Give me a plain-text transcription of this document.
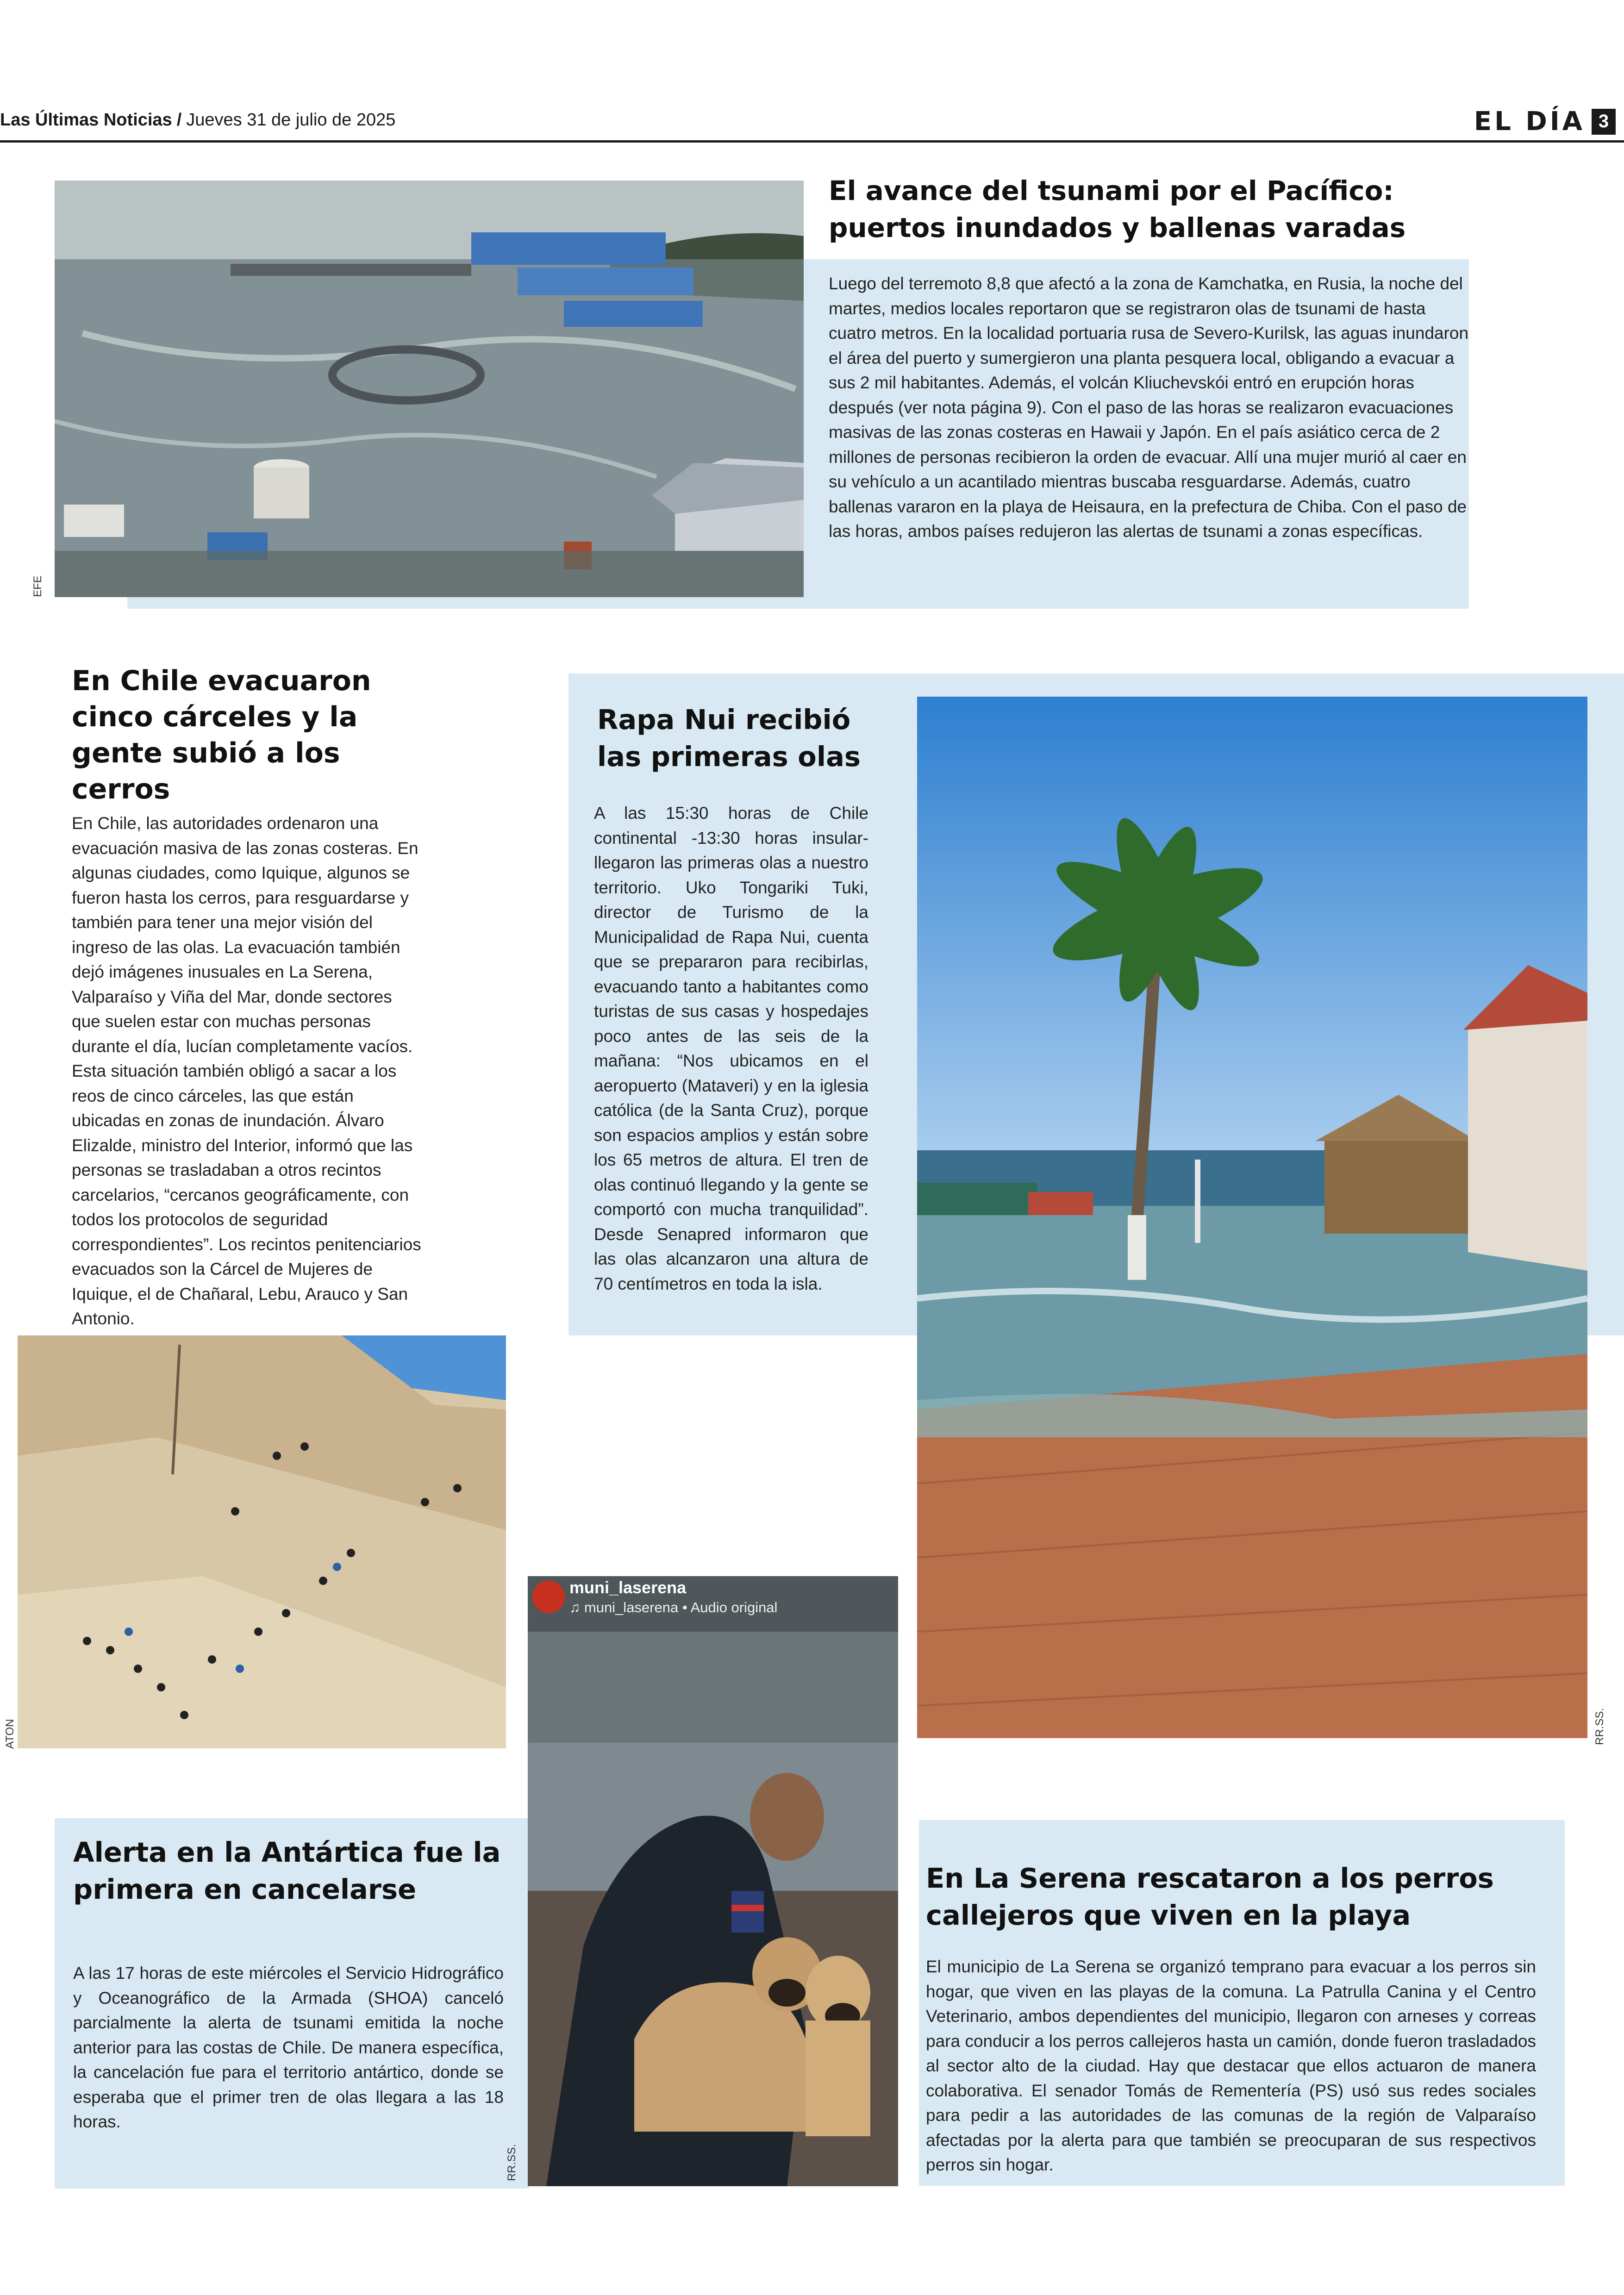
Las Últimas Noticias / Jueves 31 de julio de 2025	EL DÍA 3
EFE
El avance del tsunami por el Pacífico: puertos inundados y ballenas varadas
Luego del terremoto 8,8 que afectó a la zona de Kamchatka, en Rusia, la noche del martes, medios locales reportaron que se registraron olas de tsunami de hasta cuatro metros. En la localidad portuaria rusa de Severo-Kurilsk, las aguas inundaron el área del puerto y sumergieron una planta pesquera local, obligando a evacuar a sus 2 mil habitantes. Además, el volcán Kliuchevskói entró en erupción horas después (ver nota página 9). Con el paso de las horas se realizaron evacuaciones masivas de las zonas costeras en Hawaii y Japón. En el país asiático cerca de 2 millones de personas recibieron la orden de evacuar. Allí una mujer murió al caer en su vehículo a un acantilado mientras buscaba resguardarse. Además, cuatro ballenas vararon en la playa de Heisaura, en la prefectura de Chiba. Con el paso de las horas, ambos países redujeron las alertas de tsunami a zonas específicas.
En Chile evacuaron cinco cárceles y la gente subió a los cerros
En Chile, las autoridades ordenaron una evacuación masiva de las zonas costeras. En algunas ciudades, como Iquique, algunos se fueron hasta los cerros, para resguardarse y también para tener una mejor visión del ingreso de las olas. La evacuación también dejó imágenes inusuales en La Serena, Valparaíso y Viña del Mar, donde sectores que suelen estar con muchas personas durante el día, lucían completamente vacíos. Esta situación también obligó a sacar a los reos de cinco cárceles, las que están ubicadas en zonas de inundación. Álvaro Elizalde, ministro del Interior, informó que las personas se trasladaban a otros recintos carcelarios, “cercanos geográficamente, con todos los protocolos de seguridad correspondientes”. Los recintos penitenciarios evacuados son la Cárcel de Mujeres de Iquique, el de Chañaral, Lebu, Arauco y San Antonio.
ATON
Rapa Nui recibió las primeras olas
A las 15:30 horas de Chile continental -13:30 horas insular- llegaron las primeras olas a nuestro territorio. Uko Tongariki Tuki, director de Turismo de la Municipalidad de Rapa Nui, cuenta que se prepararon para recibirlas, evacuando tanto a habitantes como turistas de sus casas y hospedajes poco antes de las seis de la mañana: “Nos ubicamos en el aeropuerto (Mataveri) y en la iglesia católica (de la Santa Cruz), porque son espacios amplios y están sobre los 65 metros de altura. El tren de olas continuó llegando y la gente se comportó con mucha tranquilidad”. Desde Senapred informaron que las olas alcanzaron una altura de 70 centímetros en toda la isla.
RR.SS.
Alerta en la Antártica fue la primera en cancelarse
A las 17 horas de este miércoles el Servicio Hidrográfico y Oceanográfico de la Armada (SHOA) canceló parcialmente la alerta de tsunami emitida la noche anterior para las costas de Chile. De manera específica, la cancelación fue para el territorio antártico, donde se esperaba que el primer tren de olas llegara a las 18 horas.
muni_laserena
♫ muni_laserena • Audio original
RR.SS.
En La Serena rescataron a los perros callejeros que viven en la playa
El municipio de La Serena se organizó temprano para evacuar a los perros sin hogar, que viven en las playas de la comuna. La Patrulla Canina y el Centro Veterinario, ambos dependientes del municipio, llegaron con arneses y correas para conducir a los perros callejeros hasta un camión, donde fueron trasladados al sector alto de la ciudad. Hay que destacar que ellos actuaron de manera colaborativa. El senador Tomás de Rementería (PS) usó sus redes sociales para pedir a las autoridades de las comunas de la región de Valparaíso afectadas por la alerta para que también se preocuparan de sus respectivos perros sin hogar.
